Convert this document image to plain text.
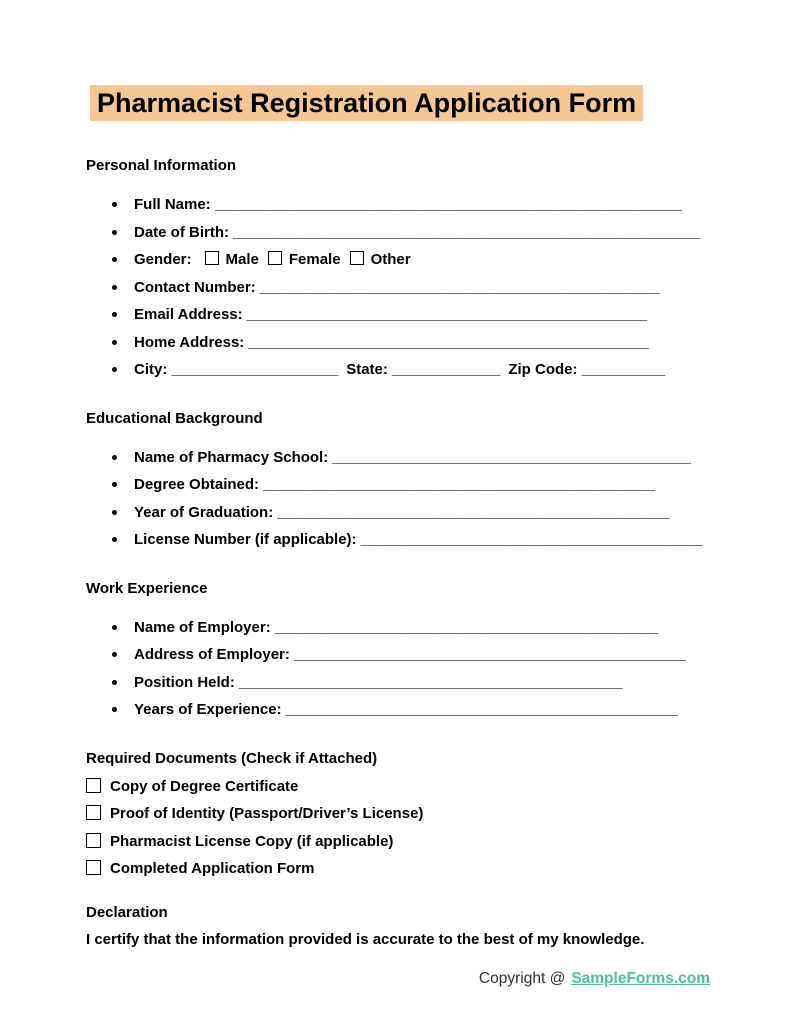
Pharmacist Registration Application Form
Personal Information
Full Name: ________________________________________________________
Date of Birth: ________________________________________________________
Gender: Male Female Other
Contact Number: ________________________________________________
Email Address: ________________________________________________
Home Address: ________________________________________________
City: ____________________ State: _____________ Zip Code: __________
Educational Background
Name of Pharmacy School: ___________________________________________
Degree Obtained: _______________________________________________
Year of Graduation: _______________________________________________
License Number (if applicable): _________________________________________
Work Experience
Name of Employer: ______________________________________________
Address of Employer: _______________________________________________
Position Held: ______________________________________________
Years of Experience: _______________________________________________
Required Documents (Check if Attached)
Copy of Degree Certificate
Proof of Identity (Passport/Driver’s License)
Pharmacist License Copy (if applicable)
Completed Application Form
Declaration

I certify that the information provided is accurate to the best of my knowledge.

Copyright @ SampleForms.com
